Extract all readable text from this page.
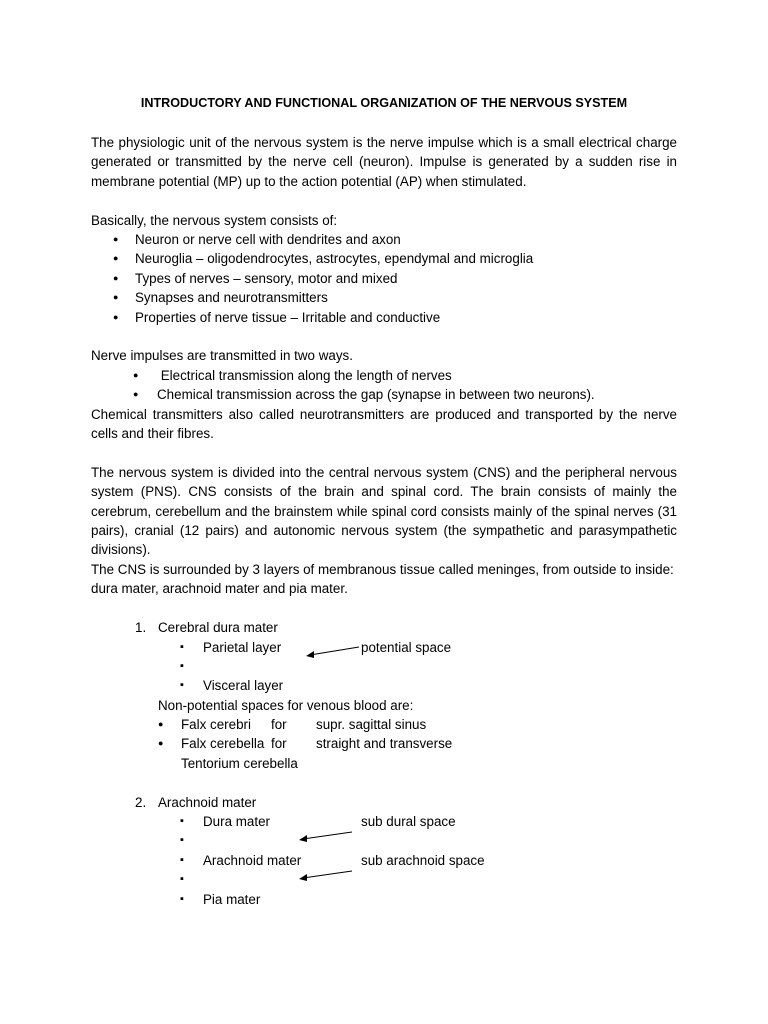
INTRODUCTORY AND FUNCTIONAL ORGANIZATION OF THE NERVOUS SYSTEM

The physiologic unit of the nervous system is the nerve impulse which is a small electrical charge generated or transmitted by the nerve cell (neuron). Impulse is generated by a sudden rise in membrane potential (MP) up to the action potential (AP) when stimulated.

Basically, the nervous system consists of:

● Neuron or nerve cell with dendrites and axon
● Neuroglia – oligodendrocytes, astrocytes, ependymal and microglia
● Types of nerves – sensory, motor and mixed
● Synapses and neurotransmitters
● Properties of nerve tissue – Irritable and conductive

Nerve impulses are transmitted in two ways.

●  Electrical transmission along the length of nerves
● Chemical transmission across the gap (synapse in between two neurons).

Chemical transmitters also called neurotransmitters are produced and transported by the nerve cells and their fibres.

The nervous system is divided into the central nervous system (CNS) and the peripheral nervous system (PNS). CNS consists of the brain and spinal cord. The brain consists of mainly the cerebrum, cerebellum and the brainstem while spinal cord consists mainly of the spinal nerves (31 pairs), cranial (12 pairs) and autonomic nervous system (the sympathetic and parasympathetic divisions).

The CNS is surrounded by 3 layers of membranous tissue called meninges, from outside to inside: dura mater, arachnoid mater and pia mater.

1. Cerebral dura mater
▪ Parietal layer	potential space
▪
▪ Visceral layer
Non-potential spaces for venous blood are:
● Falx cerebri for supr. sagittal sinus
● Falx cerebella for straight and transverse
Tentorium cerebella
2. Arachnoid mater
▪ Dura mater	sub dural space
▪
▪ Arachnoid mater	sub arachnoid space
▪
▪ Pia mater
